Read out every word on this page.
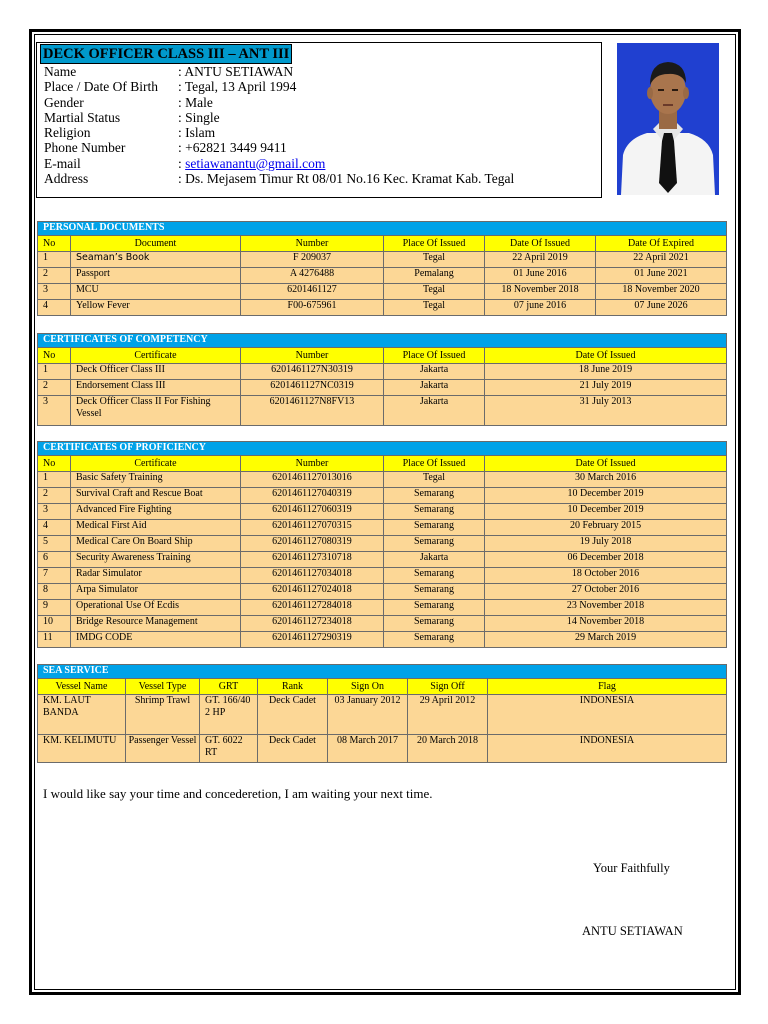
DECK OFFICER CLASS III – ANT III
Name	: ANTU SETIAWAN
Place / Date Of Birth	: Tegal, 13 April 1994
Gender	: Male
Martial Status	: Single
Religion	: Islam
Phone Number	: +62821 3449 9411
E-mail	: setiawanantu@gmail.com
Address	: Ds. Mejasem Timur Rt 08/01 No.16 Kec. Kramat Kab. Tegal
PERSONAL DOCUMENTS					
No	Document	Number	Place Of Issued	Date Of Issued	Date Of Expired
1	Seaman’s Book	F 209037	Tegal	22 April 2019	22 April 2021
2	Passport	A 4276488	Pemalang	01 June 2016	01 June 2021
3	MCU	6201461127	Tegal	18 November 2018	18 November 2020
4	Yellow Fever	F00-675961	Tegal	07 june 2016	07 June 2026
CERTIFICATES OF COMPETENCY				
No	Certificate	Number	Place Of Issued	Date Of Issued
1	Deck Officer Class III	6201461127N30319	Jakarta	18 June 2019
2	Endorsement Class III	6201461127NC0319	Jakarta	21 July 2019
3	Deck Officer Class II For Fishing Vessel	6201461127N8FV13	Jakarta	31 July 2013
CERTIFICATES OF PROFICIENCY				
No	Certificate	Number	Place Of Issued	Date Of Issued
1	Basic Safety Training	6201461127013016	Tegal	30 March 2016
2	Survival Craft and Rescue Boat	6201461127040319	Semarang	10 December 2019
3	Advanced Fire Fighting	6201461127060319	Semarang	10 December 2019
4	Medical First Aid	6201461127070315	Semarang	20 February 2015
5	Medical Care On Board Ship	6201461127080319	Semarang	19 July 2018
6	Security Awareness Training	6201461127310718	Jakarta	06 December 2018
7	Radar Simulator	6201461127034018	Semarang	18 October 2016
8	Arpa Simulator	6201461127024018	Semarang	27 October 2016
9	Operational Use Of Ecdis	6201461127284018	Semarang	23 November 2018
10	Bridge Resource Management	6201461127234018	Semarang	14 November 2018
11	IMDG CODE	6201461127290319	Semarang	29 March 2019
SEA SERVICE						
Vessel Name	Vessel Type	GRT	Rank	Sign On	Sign Off	Flag
KM. LAUT BANDA	Shrimp Trawl	GT. 166/40 2 HP	Deck Cadet	03 January 2012	29 April 2012	INDONESIA
KM. KELIMUTU	Passenger Vessel	GT. 6022 RT	Deck Cadet	08 March 2017	20 March 2018	INDONESIA
I would like say your time and concederetion, I am waiting your next time.
Your Faithfully
ANTU SETIAWAN
